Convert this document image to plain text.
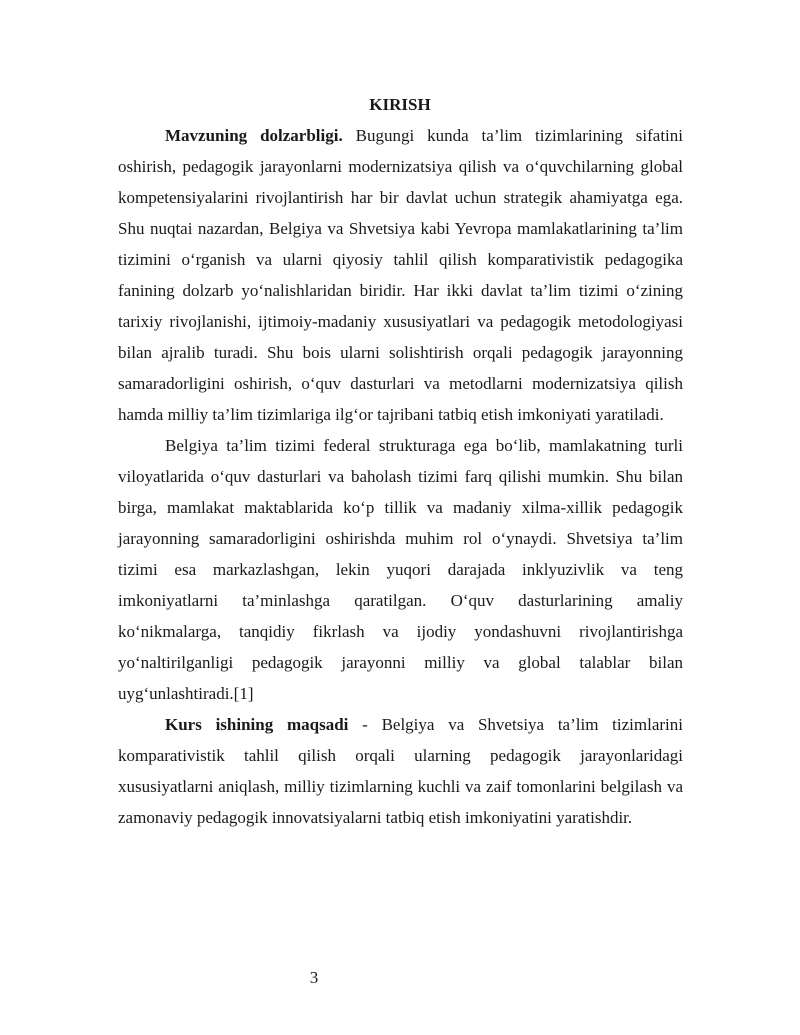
KIRISH

Mavzuning dolzarbligi. Bugungi kunda ta’lim tizimlarining sifatini oshirish, pedagogik jarayonlarni modernizatsiya qilish va o‘quvchilarning global kompetensiyalarini rivojlantirish har bir davlat uchun strategik ahamiyatga ega. Shu nuqtai nazardan, Belgiya va Shvetsiya kabi Yevropa mamlakatlarining ta’lim tizimini o‘rganish va ularni qiyosiy tahlil qilish komparativistik pedagogika fanining dolzarb yo‘nalishlaridan biridir. Har ikki davlat ta’lim tizimi o‘zining tarixiy rivojlanishi, ijtimoiy-madaniy xususiyatlari va pedagogik metodologiyasi bilan ajralib turadi. Shu bois ularni solishtirish orqali pedagogik jarayonning samaradorligini oshirish, o‘quv dasturlari va metodlarni modernizatsiya qilish hamda milliy ta’lim tizimlariga ilg‘or tajribani tatbiq etish imkoniyati yaratiladi.

Belgiya ta’lim tizimi federal strukturaga ega bo‘lib, mamlakatning turli viloyatlarida o‘quv dasturlari va baholash tizimi farq qilishi mumkin. Shu bilan birga, mamlakat maktablarida ko‘p tillik va madaniy xilma-xillik pedagogik jarayonning samaradorligini oshirishda muhim rol o‘ynaydi. Shvetsiya ta’lim tizimi esa markazlashgan, lekin yuqori darajada inklyuzivlik va teng imkoniyatlarni ta’minlashga qaratilgan. O‘quv dasturlarining amaliy ko‘nikmalarga, tanqidiy fikrlash va ijodiy yondashuvni rivojlantirishga yo‘naltirilganligi pedagogik jarayonni milliy va global talablar bilan uyg‘unlashtiradi.[1]

Kurs ishining maqsadi - Belgiya va Shvetsiya ta’lim tizimlarini komparativistik tahlil qilish orqali ularning pedagogik jarayonlaridagi xususiyatlarni aniqlash, milliy tizimlarning kuchli va zaif tomonlarini belgilash va zamonaviy pedagogik innovatsiyalarni tatbiq etish imkoniyatini yaratishdir.

3
